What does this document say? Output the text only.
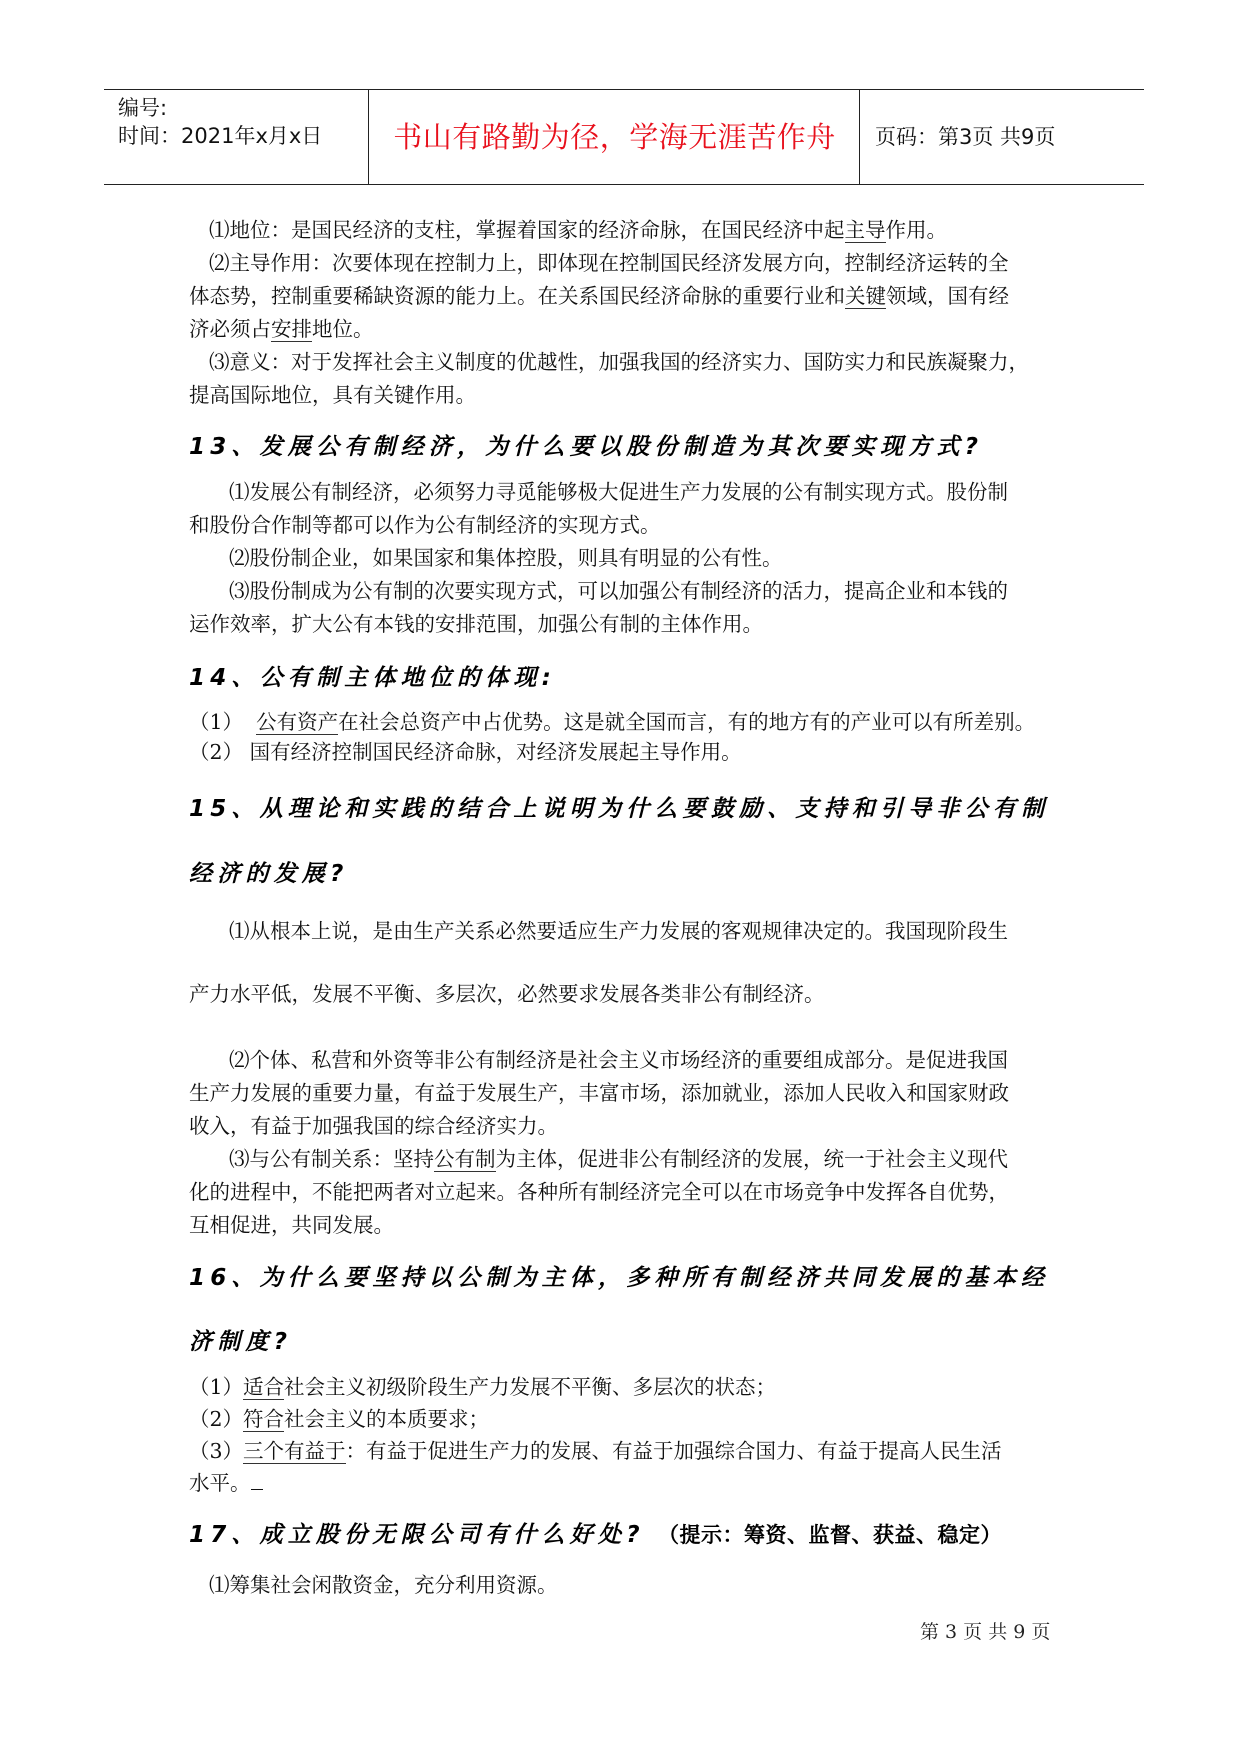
编号:
时间：2021年x月x日	书山有路勤为径，学海无涯苦作舟	页码：第3页 共9页
⑴地位：是国民经济的支柱，掌握着国家的经济命脉，在国民经济中起主导作用。
⑵主导作用：次要体现在控制力上，即体现在控制国民经济发展方向，控制经济运转的全
体态势，控制重要稀缺资源的能力上。在关系国民经济命脉的重要行业和关键领域，国有经
济必须占安排地位。
⑶意义：对于发挥社会主义制度的优越性，加强我国的经济实力、国防实力和民族凝聚力，
提高国际地位，具有关键作用。
13、发展公有制经济，为什么要以股份制造为其次要实现方式?
⑴发展公有制经济，必须努力寻觅能够极大促进生产力发展的公有制实现方式。股份制
和股份合作制等都可以作为公有制经济的实现方式。
⑵股份制企业，如果国家和集体控股，则具有明显的公有性。
⑶股份制成为公有制的次要实现方式，可以加强公有制经济的活力，提高企业和本钱的
运作效率，扩大公有本钱的安排范围，加强公有制的主体作用。
14、公有制主体地位的体现:
（1） 公有资产在社会总资产中占优势。这是就全国而言，有的地方有的产业可以有所差别。
（2） 国有经济控制国民经济命脉，对经济发展起主导作用。
15、从理论和实践的结合上说明为什么要鼓励、支持和引导非公有制
经济的发展?
⑴从根本上说，是由生产关系必然要适应生产力发展的客观规律决定的。我国现阶段生
产力水平低，发展不平衡、多层次，必然要求发展各类非公有制经济。
⑵个体、私营和外资等非公有制经济是社会主义市场经济的重要组成部分。是促进我国
生产力发展的重要力量，有益于发展生产，丰富市场，添加就业，添加人民收入和国家财政
收入，有益于加强我国的综合经济实力。
⑶与公有制关系：坚持公有制为主体，促进非公有制经济的发展，统一于社会主义现代
化的进程中，不能把两者对立起来。各种所有制经济完全可以在市场竞争中发挥各自优势，
互相促进，共同发展。
16、为什么要坚持以公制为主体，多种所有制经济共同发展的基本经
济制度?
（1）适合社会主义初级阶段生产力发展不平衡、多层次的状态；
（2）符合社会主义的本质要求；
（3）三个有益于：有益于促进生产力的发展、有益于加强综合国力、有益于提高人民生活
水平。
17、成立股份无限公司有什么好处? （提示：筹资、监督、获益、稳定）
⑴筹集社会闲散资金，充分利用资源。
第 3 页 共 9 页
